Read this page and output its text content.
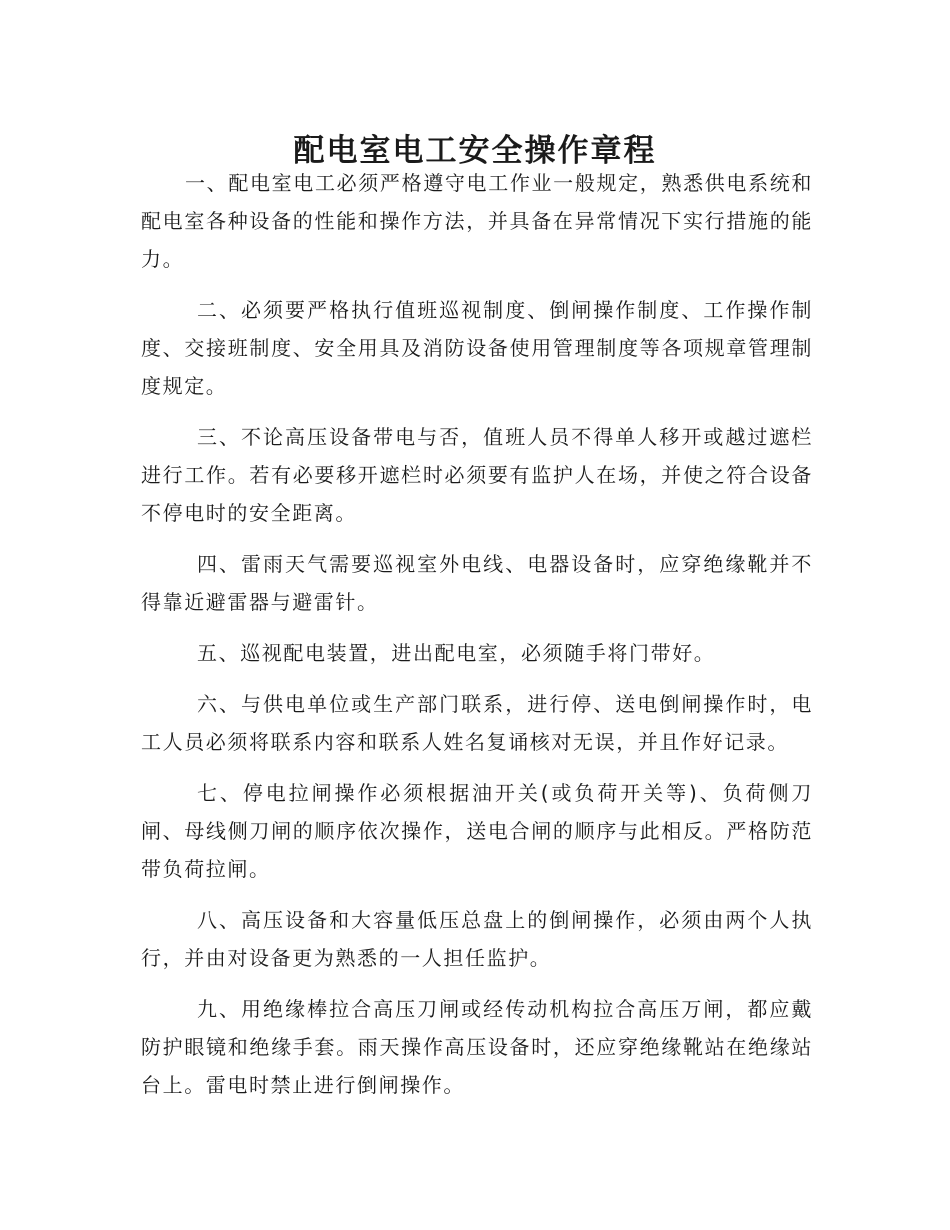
配电室电工安全操作章程

一、配电室电工必须严格遵守电工作业一般规定，熟悉供电系统和配电室各种设备的性能和操作方法，并具备在异常情况下实行措施的能力。

二、必须要严格执行值班巡视制度、倒闸操作制度、工作操作制度、交接班制度、安全用具及消防设备使用管理制度等各项规章管理制度规定。

三、不论高压设备带电与否，值班人员不得单人移开或越过遮栏进行工作。若有必要移开遮栏时必须要有监护人在场，并使之符合设备不停电时的安全距离。

四、雷雨天气需要巡视室外电线、电器设备时，应穿绝缘靴并不得靠近避雷器与避雷针。

五、巡视配电装置，进出配电室，必须随手将门带好。

六、与供电单位或生产部门联系，进行停、送电倒闸操作时，电工人员必须将联系内容和联系人姓名复诵核对无误，并且作好记录。

七、停电拉闸操作必须根据油开关(或负荷开关等)、负荷侧刀闸、母线侧刀闸的顺序依次操作，送电合闸的顺序与此相反。严格防范带负荷拉闸。

八、高压设备和大容量低压总盘上的倒闸操作，必须由两个人执行，并由对设备更为熟悉的一人担任监护。

九、用绝缘棒拉合高压刀闸或经传动机构拉合高压万闸，都应戴防护眼镜和绝缘手套。雨天操作高压设备时，还应穿绝缘靴站在绝缘站台上。雷电时禁止进行倒闸操作。
